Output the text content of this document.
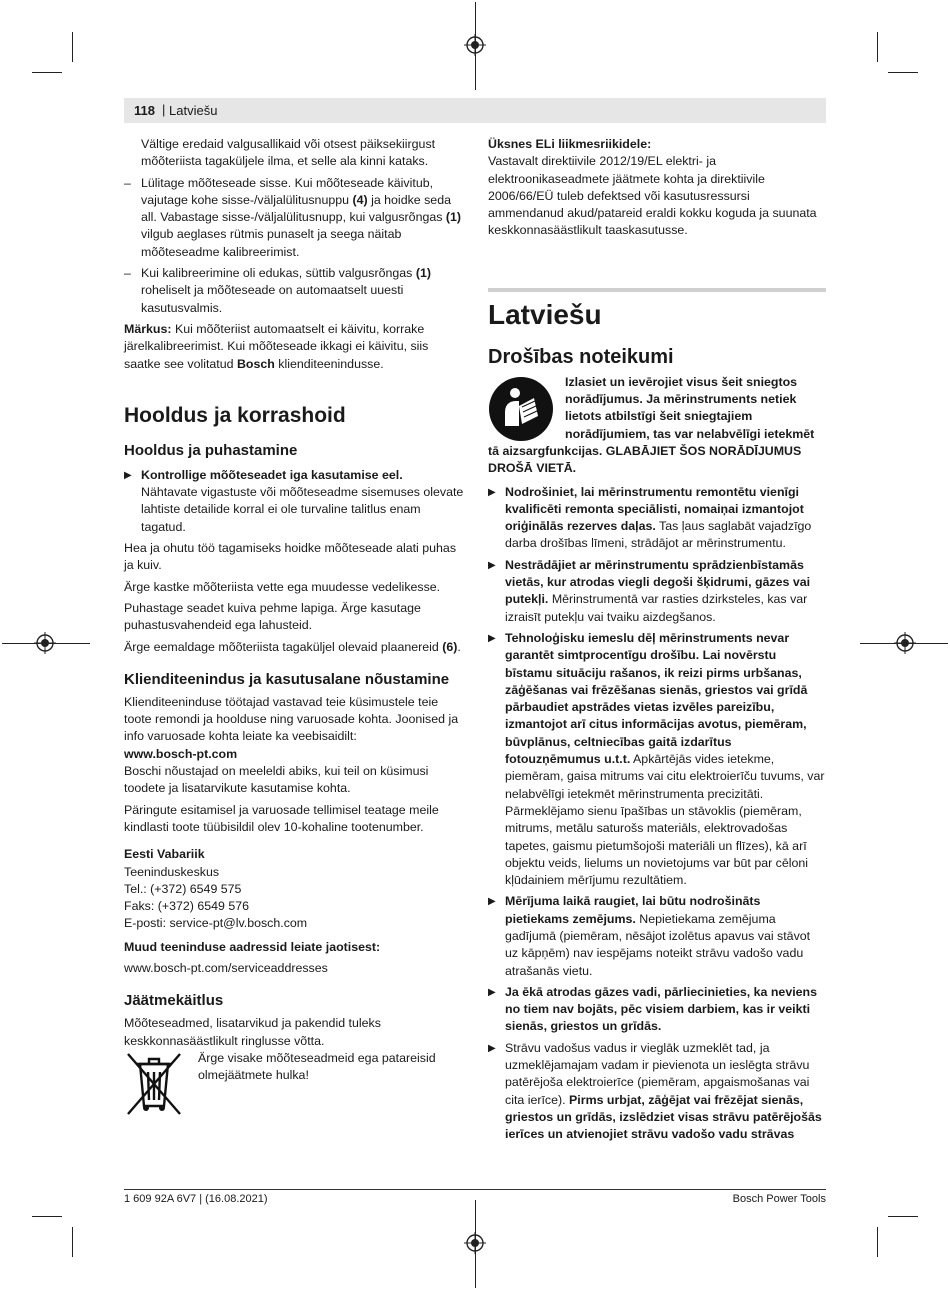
118 | Latviešu

Vältige eredaid valgusallikaid või otsest päiksekiirgust mõõteriista tagaküljele ilma, et selle ala kinni kataks.

– Lülitage mõõteseade sisse. Kui mõõteseade käivitub, vajutage kohe sisse-/väljalülitusnuppu (4) ja hoidke seda all. Vabastage sisse-/väljalülitusnupp, kui valgusrõngas (1) vilgub aeglases rütmis punaselt ja seega näitab mõõteseadme kalibreerimist.

– Kui kalibreerimine oli edukas, süttib valgusrõngas (1) roheliselt ja mõõteseade on automaatselt uuesti kasutusvalmis.

Märkus: Kui mõõteriist automaatselt ei käivitu, korrake järelkalibreerimist. Kui mõõteseade ikkagi ei käivitu, siis saatke see volitatud Bosch klienditeenindusse.

Hooldus ja korrashoid
Hooldus ja puhastamine

▶ Kontrollige mõõteseadet iga kasutamise eel.
Nähtavate vigastuste või mõõteseadme sisemuses olevate lahtiste detailide korral ei ole turvaline talitlus enam tagatud.

Hea ja ohutu töö tagamiseks hoidke mõõteseade alati puhas ja kuiv.

Ärge kastke mõõteriista vette ega muudesse vedelikesse.

Puhastage seadet kuiva pehme lapiga. Ärge kasutage puhastusvahendeid ega lahusteid.

Ärge eemaldage mõõteriista tagaküljel olevaid plaanereid (6).

Klienditeenindus ja kasutusalane nõustamine

Klienditeeninduse töötajad vastavad teie küsimustele teie toote remondi ja hoolduse ning varuosade kohta. Joonised ja info varuosade kohta leiate ka veebisaidilt:

www.bosch-pt.com

Boschi nõustajad on meeleldi abiks, kui teil on küsimusi toodete ja lisatarvikute kasutamise kohta.

Päringute esitamisel ja varuosade tellimisel teatage meile kindlasti toote tüübisildil olev 10-kohaline tootenumber.

Eesti Vabariik
Teeninduskeskus
Tel.: (+372) 6549 575
Faks: (+372) 6549 576
E-posti: service-pt@lv.bosch.com

Muud teeninduse aadressid leiate jaotisest:

www.bosch-pt.com/serviceaddresses

Jäätmekäitlus

Mõõteseadmed, lisatarvikud ja pakendid tuleks keskkonnasäästlikult ringlusse võtta.

Ärge visake mõõteseadmeid ega patareisid olmejäätmete hulka!

Üksnes ELi liikmesriikidele:

Vastavalt direktiivile 2012/19/EL elektri- ja elektroonikaseadmete jäätmete kohta ja direktiivile 2006/66/EÜ tuleb defektsed või kasutusressursi ammendanud akud/patareid eraldi kokku koguda ja suunata keskkonnasäästlikult taaskasutusse.

Latviešu
Drošības noteikumi
Izlasiet un ievērojiet visus šeit sniegtos
norādījumus. Ja mērinstruments netiek
lietots atbilstīgi šeit sniegtajiem
norādījumiem, tas var nelabvēlīgi ietekmēt
tā aizsargfunkcijas. GLABĀJIET ŠOS NORĀDĪJUMUS DROŠĀ VIETĀ.

▶ Nodrošiniet, lai mērinstrumentu remontētu vienīgi kvalificēti remonta speciālisti, nomaiņai izmantojot oriģinālās rezerves daļas. Tas ļaus saglabāt vajadzīgo darba drošības līmeni, strādājot ar mērinstrumentu.

▶ Nestrādājiet ar mērinstrumentu sprādzienbīstamās vietās, kur atrodas viegli degoši šķidrumi, gāzes vai putekļi. Mērinstrumentā var rasties dzirksteles, kas var izraisīt putekļu vai tvaiku aizdegšanos.

▶ Tehnoloģisku iemeslu dēļ mērinstruments nevar garantēt simtprocentīgu drošību. Lai novērstu bīstamu situāciju rašanos, ik reizi pirms urbšanas, zāģēšanas vai frēzēšanas sienās, griestos vai grīdā pārbaudiet apstrādes vietas izvēles pareizību, izmantojot arī citus informācijas avotus, piemēram, būvplānus, celtniecības gaitā izdarītus fotouzņēmumus u.t.t. Apkārtējās vides ietekme, piemēram, gaisa mitrums vai citu elektroierīču tuvums, var nelabvēlīgi ietekmēt mērinstrumenta precizitāti. Pārmeklējamo sienu īpašības un stāvoklis (piemēram, mitrums, metālu saturošs materiāls, elektrovadošas tapetes, gaismu pietumšojoši materiāli un flīzes), kā arī objektu veids, lielums un novietojums var būt par cēloni kļūdainiem mērījumu rezultātiem.

▶ Mērījuma laikā raugiet, lai būtu nodrošināts pietiekams zemējums. Nepietiekama zemējuma gadījumā (piemēram, nēsājot izolētus apavus vai stāvot uz kāpņēm) nav iespējams noteikt strāvu vadošo vadu atrašanās vietu.

▶ Ja ēkā atrodas gāzes vadi, pārliecinieties, ka neviens no tiem nav bojāts, pēc visiem darbiem, kas ir veikti sienās, griestos un grīdās.

▶ Strāvu vadošus vadus ir vieglāk uzmeklēt tad, ja uzmeklējamajam vadam ir pievienota un ieslēgta strāvu patērējoša elektroierīce (piemēram, apgaismošanas vai cita ierīce). Pirms urbjat, zāģējat vai frēzējat sienās, griestos un grīdās, izslēdziet visas strāvu patērējošās ierīces un atvienojiet strāvu vadošo vadu strāvas

1 609 92A 6V7 | (16.08.2021)	Bosch Power Tools
